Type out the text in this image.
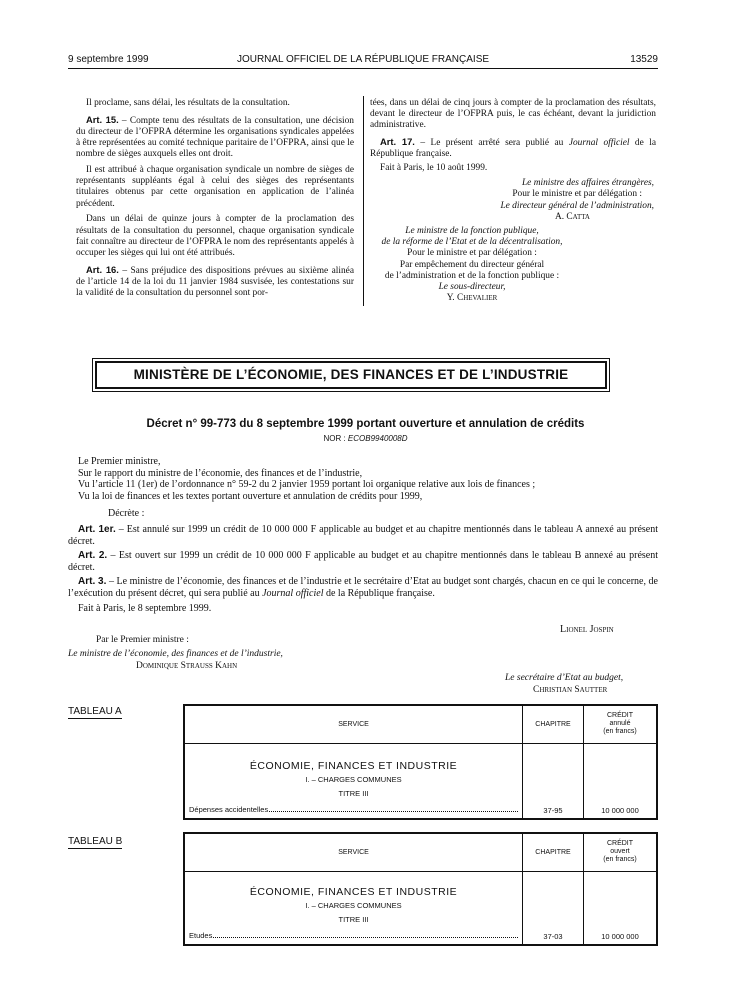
9 septembre 1999	JOURNAL OFFICIEL DE LA RÉPUBLIQUE FRANÇAISE	13529

Il proclame, sans délai, les résultats de la consultation.

Art. 15. – Compte tenu des résultats de la consultation, une décision du directeur de l’OFPRA détermine les organisations syndicales appelées à être représentées au comité technique paritaire de l’OFPRA, ainsi que le nombre de sièges auxquels elles ont droit.

Il est attribué à chaque organisation syndicale un nombre de sièges de représentants suppléants égal à celui des sièges des représentants titulaires obtenus par cette organisation en application de l’alinéa précédent.

Dans un délai de quinze jours à compter de la proclamation des résultats de la consultation du personnel, chaque organisation syndicale fait connaître au directeur de l’OFPRA le nom des représentants appelés à occuper les sièges qui lui ont été attribués.

Art. 16. – Sans préjudice des dispositions prévues au sixième alinéa de l’article 14 de la loi du 11 janvier 1984 susvisée, les contestations sur la validité de la consultation du personnel sont por-

tées, dans un délai de cinq jours à compter de la proclamation des résultats, devant le directeur de l’OFPRA puis, le cas échéant, devant la juridiction administrative.

Art. 17. – Le présent arrêté sera publié au Journal officiel de la République française.

Fait à Paris, le 10 août 1999.

Le ministre des affaires étrangères,
Pour le ministre et par délégation :
Le directeur général de l’administration,
A. Catta
Le ministre de la fonction publique,
de la réforme de l’Etat et de la décentralisation,
Pour le ministre et par délégation :
Par empêchement du directeur général
de l’administration et de la fonction publique :
Le sous-directeur,
Y. Chevalier
MINISTÈRE DE L’ÉCONOMIE, DES FINANCES ET DE L’INDUSTRIE
Décret n° 99-773 du 8 septembre 1999 portant ouverture et annulation de crédits
NOR : ECOB9940008D

Le Premier ministre,

Sur le rapport du ministre de l’économie, des finances et de l’industrie,

Vu l’article 11 (1er) de l’ordonnance n° 59-2 du 2 janvier 1959 portant loi organique relative aux lois de finances ;

Vu la loi de finances et les textes portant ouverture et annulation de crédits pour 1999,

Décrète :

Art. 1er. – Est annulé sur 1999 un crédit de 10 000 000 F applicable au budget et au chapitre mentionnés dans le tableau A annexé au présent décret.

Art. 2. – Est ouvert sur 1999 un crédit de 10 000 000 F applicable au budget et au chapitre mentionnés dans le tableau B annexé au présent décret.

Art. 3. – Le ministre de l’économie, des finances et de l’industrie et le secrétaire d’Etat au budget sont chargés, chacun en ce qui le concerne, de l’exécution du présent décret, qui sera publié au Journal officiel de la République française.

Fait à Paris, le 8 septembre 1999.

Lionel Jospin
Par le Premier ministre :
Le ministre de l’économie, des finances et de l’industrie,
Dominique Strauss Kahn
Le secrétaire d’Etat au budget,
Christian Sautter
TABLEAU A
SERVICE	CHAPITRE	CRÉDIT
annulé
(en francs)

ÉCONOMIE, FINANCES ET INDUSTRIE
I. – CHARGES COMMUNES
TITRE III
Dépenses accidentelles	37-95	10 000 000
TABLEAU B
SERVICE	CHAPITRE	CRÉDIT
ouvert
(en francs)

ÉCONOMIE, FINANCES ET INDUSTRIE
I. – CHARGES COMMUNES
TITRE III
Etudes	37-03	10 000 000
